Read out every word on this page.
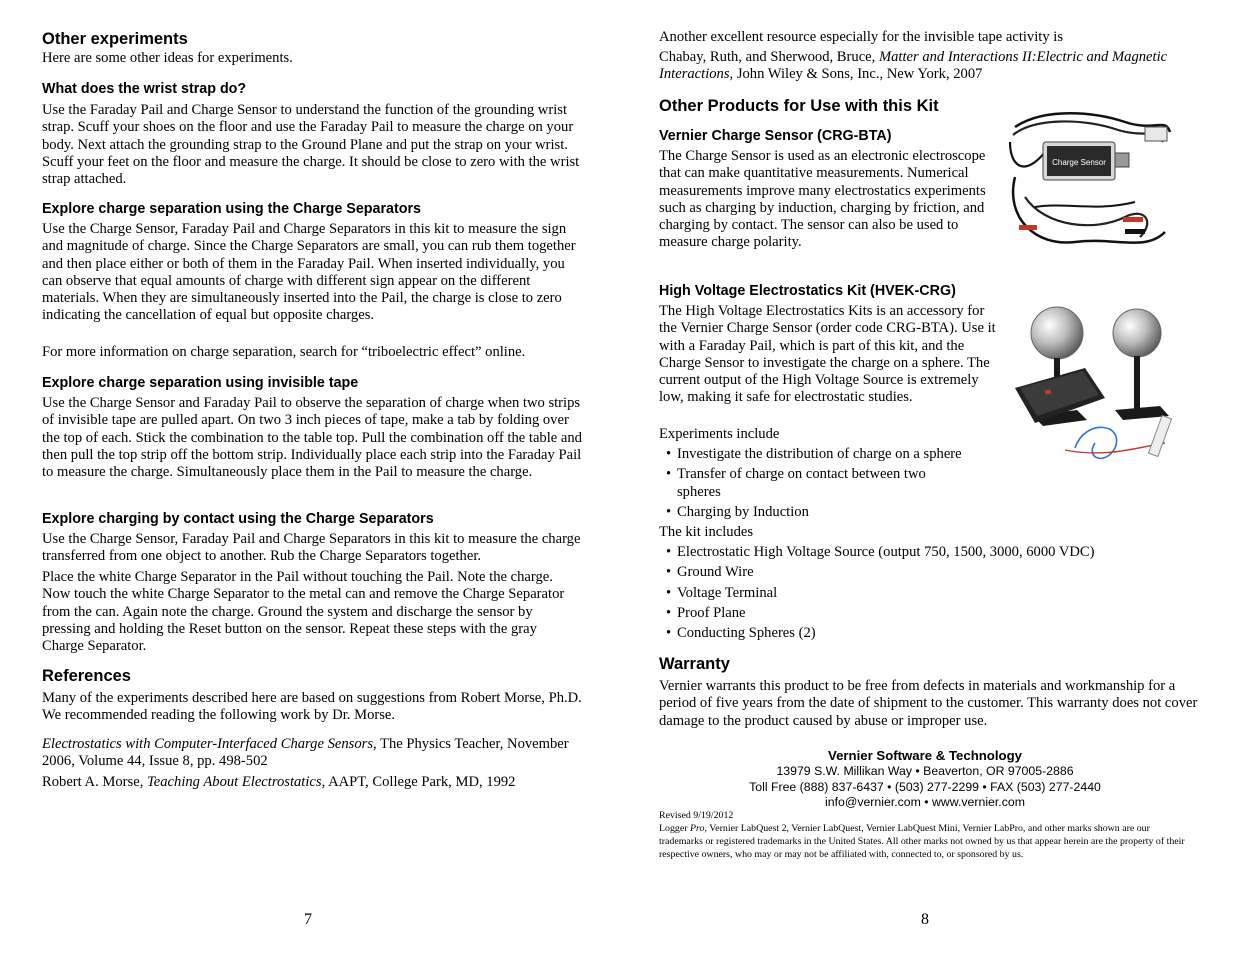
Other experiments

Here are some other ideas for experiments.

What does the wrist strap do?

Use the Faraday Pail and Charge Sensor to understand the function of the grounding wrist strap. Scuff your shoes on the floor and use the Faraday Pail to measure the charge on your body. Next attach the grounding strap to the Ground Plane and put the strap on your wrist. Scuff your feet on the floor and measure the charge. It should be close to zero with the wrist strap attached.

Explore charge separation using the Charge Separators

Use the Charge Sensor, Faraday Pail and Charge Separators in this kit to measure the sign and magnitude of charge. Since the Charge Separators are small, you can rub them together and then place either or both of them in the Faraday Pail. When inserted individually, you can observe that equal amounts of charge with different sign appear on the different materials. When they are simultaneously inserted into the Pail, the charge is close to zero indicating the cancellation of equal but opposite charges.

For more information on charge separation, search for “triboelectric effect” online.

Explore charge separation using invisible tape

Use the Charge Sensor and Faraday Pail to observe the separation of charge when two strips of invisible tape are pulled apart. On two 3 inch pieces of tape, make a tab by folding over the top of each. Stick the combination to the table top. Pull the combination off the table and then pull the top strip off the bottom strip. Individually place each strip into the Faraday Pail to measure the charge. Simultaneously place them in the Pail to measure the charge.

Explore charging by contact using the Charge Separators

Use the Charge Sensor, Faraday Pail and Charge Separators in this kit to measure the charge transferred from one object to another. Rub the Charge Separators together.

Place the white Charge Separator in the Pail without touching the Pail. Note the charge. Now touch the white Charge Separator to the metal can and remove the Charge Separator from the can. Again note the charge. Ground the system and discharge the sensor by pressing and holding the Reset button on the sensor. Repeat these steps with the gray Charge Separator.

References

Many of the experiments described here are based on suggestions from Robert Morse, Ph.D. We recommended reading the following work by Dr. Morse.

Electrostatics with Computer-Interfaced Charge Sensors, The Physics Teacher, November 2006, Volume 44, Issue 8, pp. 498-502

Robert A. Morse, Teaching About Electrostatics, AAPT, College Park, MD, 1992

7

Another excellent resource especially for the invisible tape activity is

Chabay, Ruth, and Sherwood, Bruce, Matter and Interactions II:Electric and Magnetic Interactions, John Wiley & Sons, Inc., New York, 2007

Other Products for Use with this Kit
Vernier Charge Sensor (CRG-BTA)

The Charge Sensor is used as an electronic electroscope that can make quantitative measurements. Numerical measurements improve many electrostatics experiments such as charging by induction, charging by friction, and charging by contact. The sensor can also be used to measure charge polarity.

High Voltage Electrostatics Kit (HVEK-CRG)

The High Voltage Electrostatics Kits is an accessory for the Vernier Charge Sensor (order code CRG-BTA). Use it with a Faraday Pail, which is part of this kit, and the Charge Sensor to investigate the charge on a sphere. The current output of the High Voltage Source is extremely low, making it safe for electrostatic studies.

Experiments include

• Investigate the distribution of charge on a sphere
• Transfer of charge on contact between two spheres
• Charging by Induction

The kit includes

• Electrostatic High Voltage Source (output 750, 1500, 3000, 6000 VDC)
• Ground Wire
• Voltage Terminal
• Proof Plane
• Conducting Spheres (2)
Warranty

Vernier warrants this product to be free from defects in materials and workmanship for a period of five years from the date of shipment to the customer. This warranty does not cover damage to the product caused by abuse or improper use.

Vernier Software & Technology
13979 S.W. Millikan Way • Beaverton, OR 97005-2886
Toll Free (888) 837-6437 • (503) 277-2299 • FAX (503) 277-2440
info@vernier.com • www.vernier.com

Revised 9/19/2012

Logger Pro, Vernier LabQuest 2, Vernier LabQuest, Vernier LabQuest Mini, Vernier LabPro, and other marks shown are our trademarks or registered trademarks in the United States. All other marks not owned by us that appear herein are the property of their respective owners, who may or may not be affiliated with, connected to, or sponsored by us.

8
Charge Sensor
